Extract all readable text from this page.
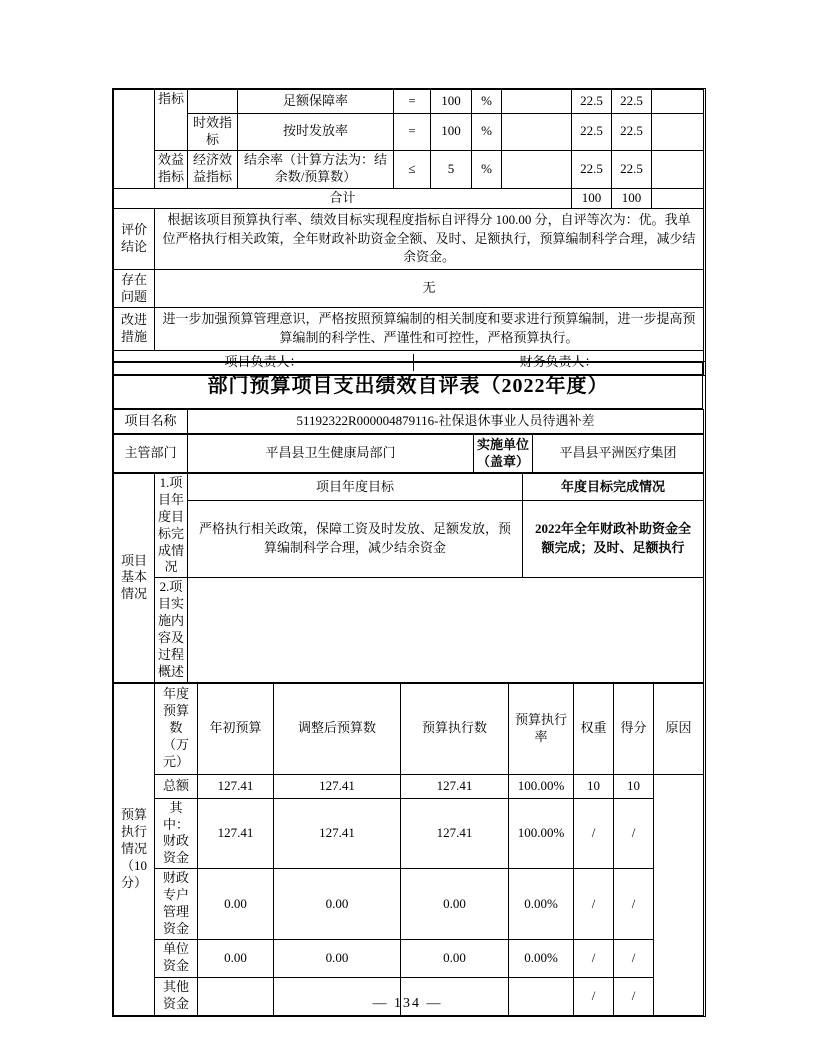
	指标		足额保障率	=	100	%		22.5	22.5	
		时效指标	按时发放率	=	100	%		22.5	22.5	
	效益指标	经济效益指标	结余率（计算方法为：结余数/预算数）	≤	5	%		22.5	22.5	
合计								100	100	
评价结论	根据该项目预算执行率、绩效目标实现程度指标自评得分 100.00 分，自评等次为：优。我单位严格执行相关政策，全年财政补助资金全额、及时、足额执行，预算编制科学合理，减少结余资金。									
存在问题	无									
改进措施	进一步加强预算管理意识，严格按照预算编制的相关制度和要求进行预算编制，进一步提高预算编制的科学性、严谨性和可控性，严格预算执行。									

项目负责人： 财务负责人：										
部门预算项目支出绩效自评表（2022年度）
项目名称	51192322R000004879116-社保退休事业人员待遇补差
主管部门	平昌县卫生健康局部门	实施单位（盖章）	平昌县平洲医疗集团
项目基本情况	1.项目年度目标完成情况	项目年度目标	年度目标完成情况
		严格执行相关政策，保障工资及时发放、足额发放，预算编制科学合理，减少结余资金	2022年全年财政补助资金全额完成；及时、足额执行
	2.项目实施内容及过程概述		
预算执行情况（10分）	年度预算数（万元）	年初预算	调整后预算数	预算执行数	预算执行率	权重	得分	原因
	总额	127.41	127.41	127.41	100.00%	10	10	
	其中：财政资金	127.41	127.41	127.41	100.00%	/	/	
	财政专户管理资金	0.00	0.00	0.00	0.00%	/	/	
	单位资金	0.00	0.00	0.00	0.00%	/	/	
	其他资金					/	/	
— 134 —
